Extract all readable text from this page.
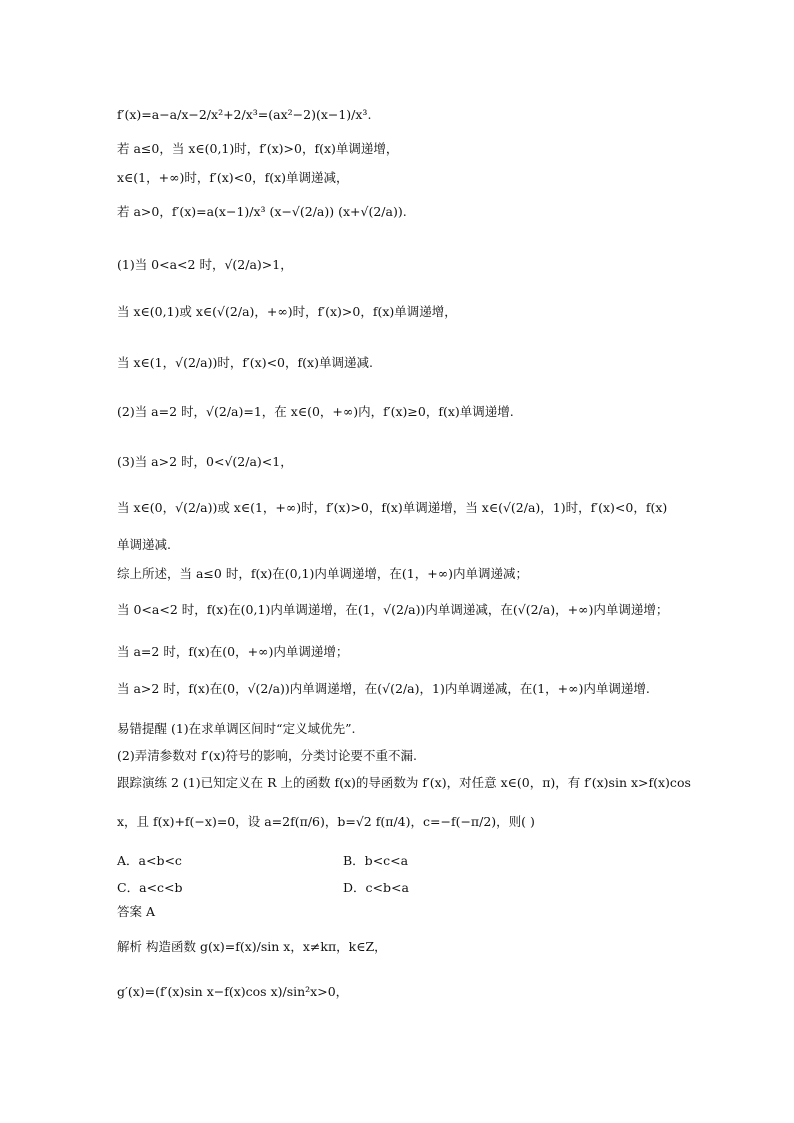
f′(x)=a−a/x−2/x²+2/x³=(ax²−2)(x−1)/x³.
若 a≤0，当 x∈(0,1)时，f′(x)>0，f(x)单调递增，
x∈(1，+∞)时，f′(x)<0，f(x)单调递减，
若 a>0，f′(x)=a(x−1)/x³ (x−√(2/a)) (x+√(2/a)).
(1)当 0<a<2 时，√(2/a)>1，
当 x∈(0,1)或 x∈(√(2/a)，+∞)时，f′(x)>0，f(x)单调递增，
当 x∈(1，√(2/a))时，f′(x)<0，f(x)单调递减.
(2)当 a=2 时，√(2/a)=1，在 x∈(0，+∞)内，f′(x)≥0，f(x)单调递增.
(3)当 a>2 时，0<√(2/a)<1，
当 x∈(0，√(2/a))或 x∈(1，+∞)时，f′(x)>0，f(x)单调递增，当 x∈(√(2/a)，1)时，f′(x)<0，f(x)
单调递减.
综上所述，当 a≤0 时，f(x)在(0,1)内单调递增，在(1，+∞)内单调递减；
当 0<a<2 时，f(x)在(0,1)内单调递增，在(1，√(2/a))内单调递减，在(√(2/a)，+∞)内单调递增；
当 a=2 时，f(x)在(0，+∞)内单调递增；
当 a>2 时，f(x)在(0，√(2/a))内单调递增，在(√(2/a)，1)内单调递减，在(1，+∞)内单调递增.
易错提醒 (1)在求单调区间时“定义域优先”.
(2)弄清参数对 f′(x)符号的影响，分类讨论要不重不漏.
跟踪演练 2 (1)已知定义在 R 上的函数 f(x)的导函数为 f′(x)，对任意 x∈(0，π)，有 f′(x)sin x>f(x)cos
x，且 f(x)+f(−x)=0，设 a=2f(π/6)，b=√2 f(π/4)，c=−f(−π/2)，则( )
A．a<b<c	B．b<c<a
C．a<c<b	D．c<b<a
答案 A
解析 构造函数 g(x)=f(x)/sin x，x≠kπ，k∈Z，
g′(x)=(f′(x)sin x−f(x)cos x)/sin²x>0，
